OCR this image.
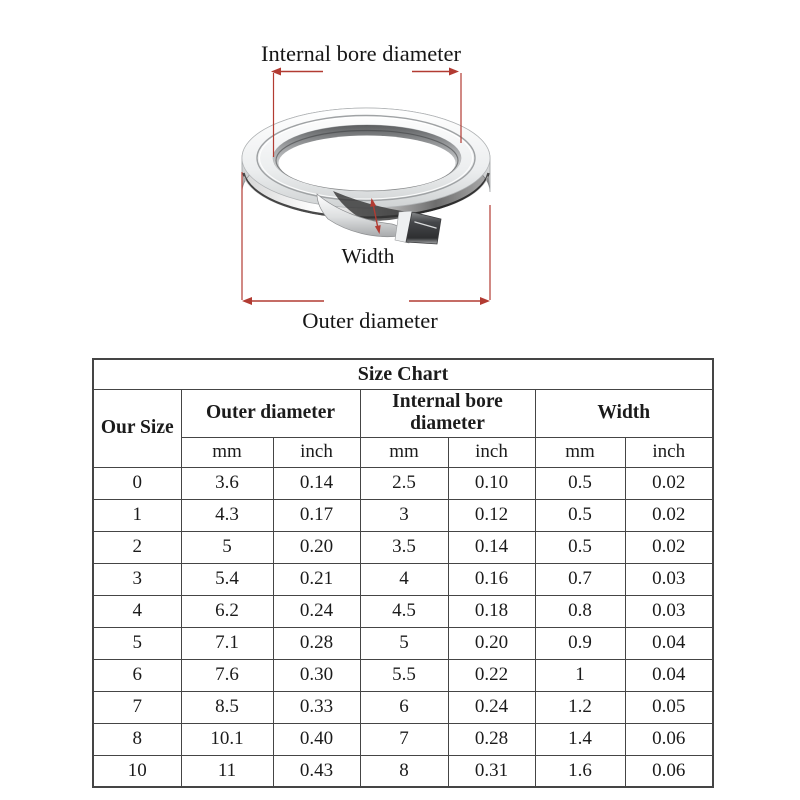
Internal bore diameter
Width
Outer diameter
Size Chart						
Our Size	Outer diameter		Internal bore diameter		Width	
	mm	inch	mm	inch	mm	inch
0	3.6	0.14	2.5	0.10	0.5	0.02
1	4.3	0.17	3	0.12	0.5	0.02
2	5	0.20	3.5	0.14	0.5	0.02
3	5.4	0.21	4	0.16	0.7	0.03
4	6.2	0.24	4.5	0.18	0.8	0.03
5	7.1	0.28	5	0.20	0.9	0.04
6	7.6	0.30	5.5	0.22	1	0.04
7	8.5	0.33	6	0.24	1.2	0.05
8	10.1	0.40	7	0.28	1.4	0.06
10	11	0.43	8	0.31	1.6	0.06
